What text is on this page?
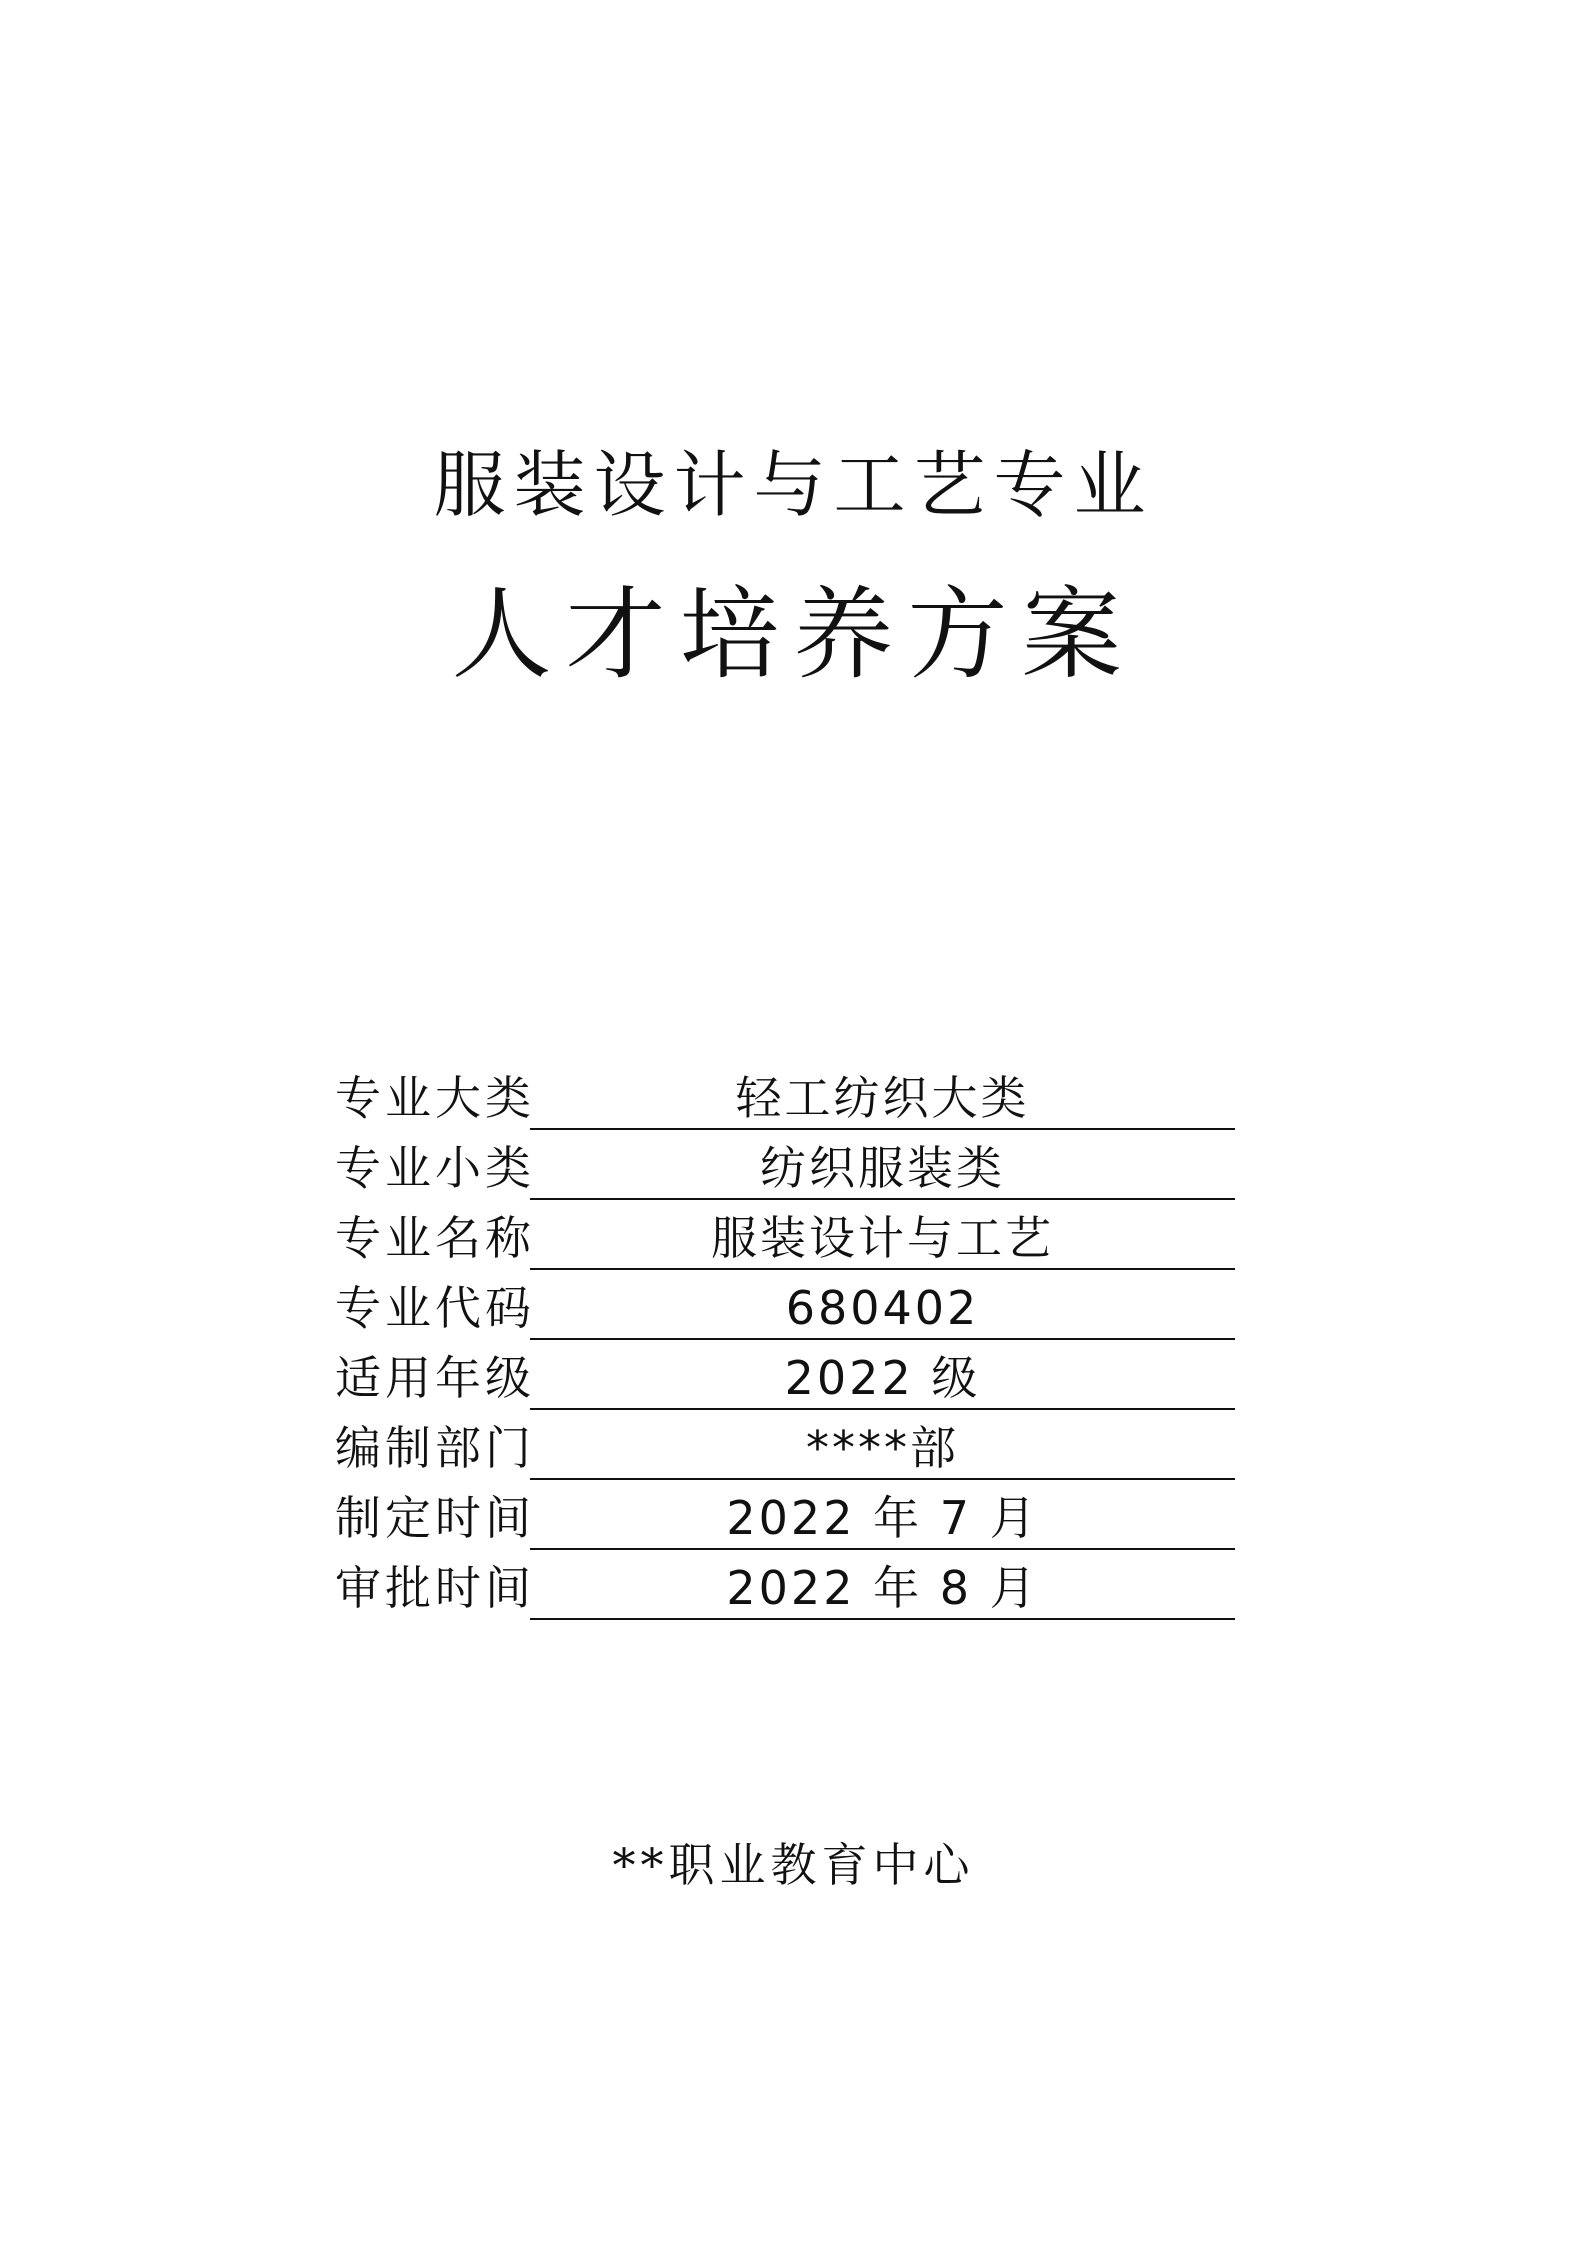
服装设计与工艺专业
人才培养方案
专业大类	轻工纺织大类
专业小类	纺织服装类
专业名称	服装设计与工艺
专业代码	680402
适用年级	2022 级
编制部门	****部
制定时间	2022 年 7 月
审批时间	2022 年 8 月
**职业教育中心
